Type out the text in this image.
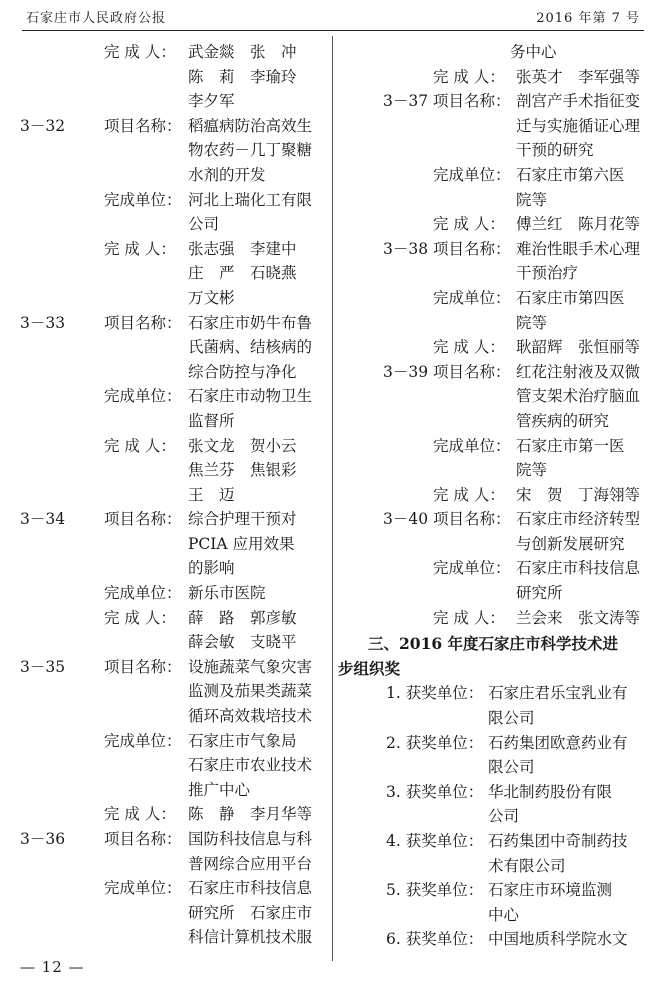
石家庄市人民政府公报	2016 年第 7 号
完 成 人： 武金燚　张　冲
陈　莉　李瑜玲
李夕军
3－32	项目名称： 稻瘟病防治高效生
物农药－几丁聚糖
水剂的开发
完成单位： 河北上瑞化工有限
公司
完 成 人： 张志强　李建中
庄　严　石晓燕
万文彬
3－33	项目名称： 石家庄市奶牛布鲁
氏菌病、结核病的
综合防控与净化
完成单位： 石家庄市动物卫生
监督所
完 成 人： 张文龙　贺小云
焦兰芬　焦银彩
王　迈
3－34	项目名称： 综合护理干预对
PCIA 应用效果
的影响
完成单位： 新乐市医院
完 成 人： 薛　路　郭彦敏
薛会敏　支晓平
3－35	项目名称： 设施蔬菜气象灾害
监测及茄果类蔬菜
循环高效栽培技术
完成单位： 石家庄市气象局
石家庄市农业技术
推广中心
完 成 人： 陈　静　李月华等
3－36	项目名称： 国防科技信息与科
普网综合应用平台
完成单位： 石家庄市科技信息
研究所　石家庄市
科信计算机技术服
务中心
完 成 人： 张英才　李军强等
3－37 项目名称： 剖宫产手术指征变
迁与实施循证心理
干预的研究
完成单位： 石家庄市第六医
院等
完 成 人： 傅兰红　陈月花等
3－38 项目名称： 难治性眼手术心理
干预治疗
完成单位： 石家庄市第四医
院等
完 成 人： 耿韶辉　张恒丽等
3－39 项目名称： 红花注射液及双微
管支架术治疗脑血
管疾病的研究
完成单位： 石家庄市第一医
院等
完 成 人： 宋　贺　丁海翎等
3－40 项目名称： 石家庄市经济转型
与创新发展研究
完成单位： 石家庄市科技信息
研究所
完 成 人： 兰会来　张文涛等
三、2016 年度石家庄市科学技术进
步组织奖
1. 获奖单位： 石家庄君乐宝乳业有
限公司
2. 获奖单位： 石药集团欧意药业有
限公司
3. 获奖单位： 华北制药股份有限
公司
4. 获奖单位： 石药集团中奇制药技
术有限公司
5. 获奖单位： 石家庄市环境监测
中心
6. 获奖单位： 中国地质科学院水文
— 12 —
